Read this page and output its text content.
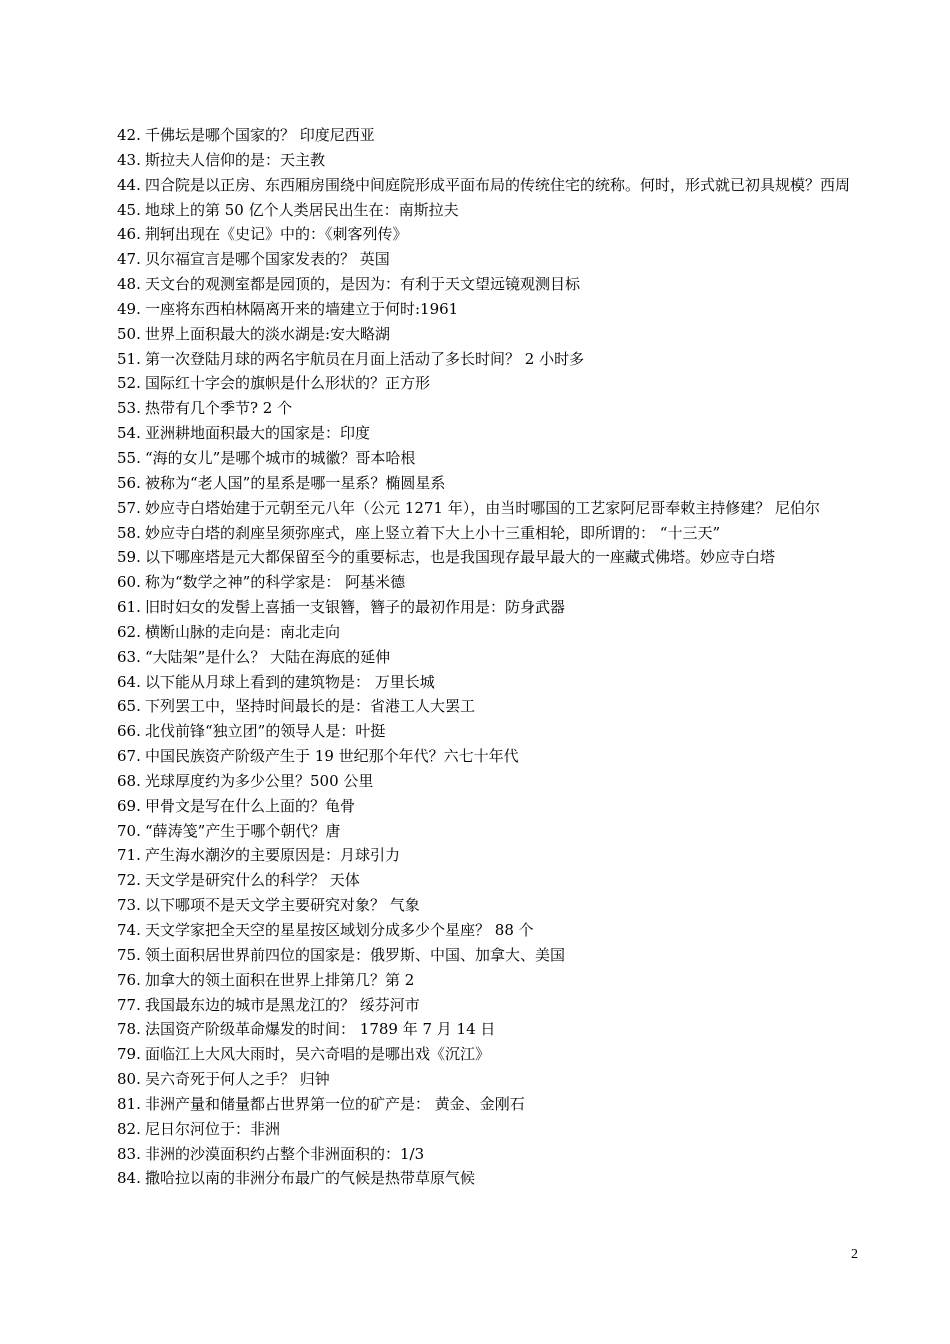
42. 千佛坛是哪个国家的？ 印度尼西亚
43. 斯拉夫人信仰的是：天主教
44. 四合院是以正房、东西厢房围绕中间庭院形成平面布局的传统住宅的统称。何时，形式就已初具规模？西周
45. 地球上的第 50 亿个人类居民出生在：南斯拉夫
46. 荆轲出现在《史记》中的：《刺客列传》
47. 贝尔福宣言是哪个国家发表的？ 英国
48. 天文台的观测室都是园顶的，是因为：有利于天文望远镜观测目标
49. 一座将东西柏林隔离开来的墙建立于何时:1961
50. 世界上面积最大的淡水湖是:安大略湖
51. 第一次登陆月球的两名宇航员在月面上活动了多长时间？ 2 小时多
52. 国际红十字会的旗帜是什么形状的？正方形
53. 热带有几个季节? 2 个
54. 亚洲耕地面积最大的国家是：印度
55. “海的女儿”是哪个城市的城徽？哥本哈根
56. 被称为“老人国”的星系是哪一星系？椭圆星系
57. 妙应寺白塔始建于元朝至元八年（公元 1271 年），由当时哪国的工艺家阿尼哥奉敕主持修建？ 尼伯尔
58. 妙应寺白塔的刹座呈须弥座式，座上竖立着下大上小十三重相轮，即所谓的： “十三天”
59. 以下哪座塔是元大都保留至今的重要标志，也是我国现存最早最大的一座藏式佛塔。妙应寺白塔
60. 称为“数学之神”的科学家是： 阿基米德
61. 旧时妇女的发髻上喜插一支银簪，簪子的最初作用是：防身武器
62. 横断山脉的走向是：南北走向
63. “大陆架”是什么？ 大陆在海底的延伸
64. 以下能从月球上看到的建筑物是： 万里长城
65. 下列罢工中，坚持时间最长的是：省港工人大罢工
66. 北伐前锋“独立团”的领导人是：叶挺
67. 中国民族资产阶级产生于 19 世纪那个年代？六七十年代
68. 光球厚度约为多少公里？500 公里
69. 甲骨文是写在什么上面的？龟骨
70. “薛涛笺”产生于哪个朝代？唐
71. 产生海水潮汐的主要原因是：月球引力
72. 天文学是研究什么的科学？ 天体
73. 以下哪项不是天文学主要研究对象？ 气象
74. 天文学家把全天空的星星按区域划分成多少个星座？ 88 个
75. 领土面积居世界前四位的国家是：俄罗斯、中国、加拿大、美国
76. 加拿大的领土面积在世界上排第几？第 2
77. 我国最东边的城市是黑龙江的？ 绥芬河市
78. 法国资产阶级革命爆发的时间： 1789 年 7 月 14 日
79. 面临江上大风大雨时，吴六奇唱的是哪出戏《沉江》
80. 吴六奇死于何人之手？ 归钟
81. 非洲产量和储量都占世界第一位的矿产是： 黄金、金刚石
82. 尼日尔河位于：非洲
83. 非洲的沙漠面积约占整个非洲面积的：1/3
84. 撒哈拉以南的非洲分布最广的气候是热带草原气候
2
